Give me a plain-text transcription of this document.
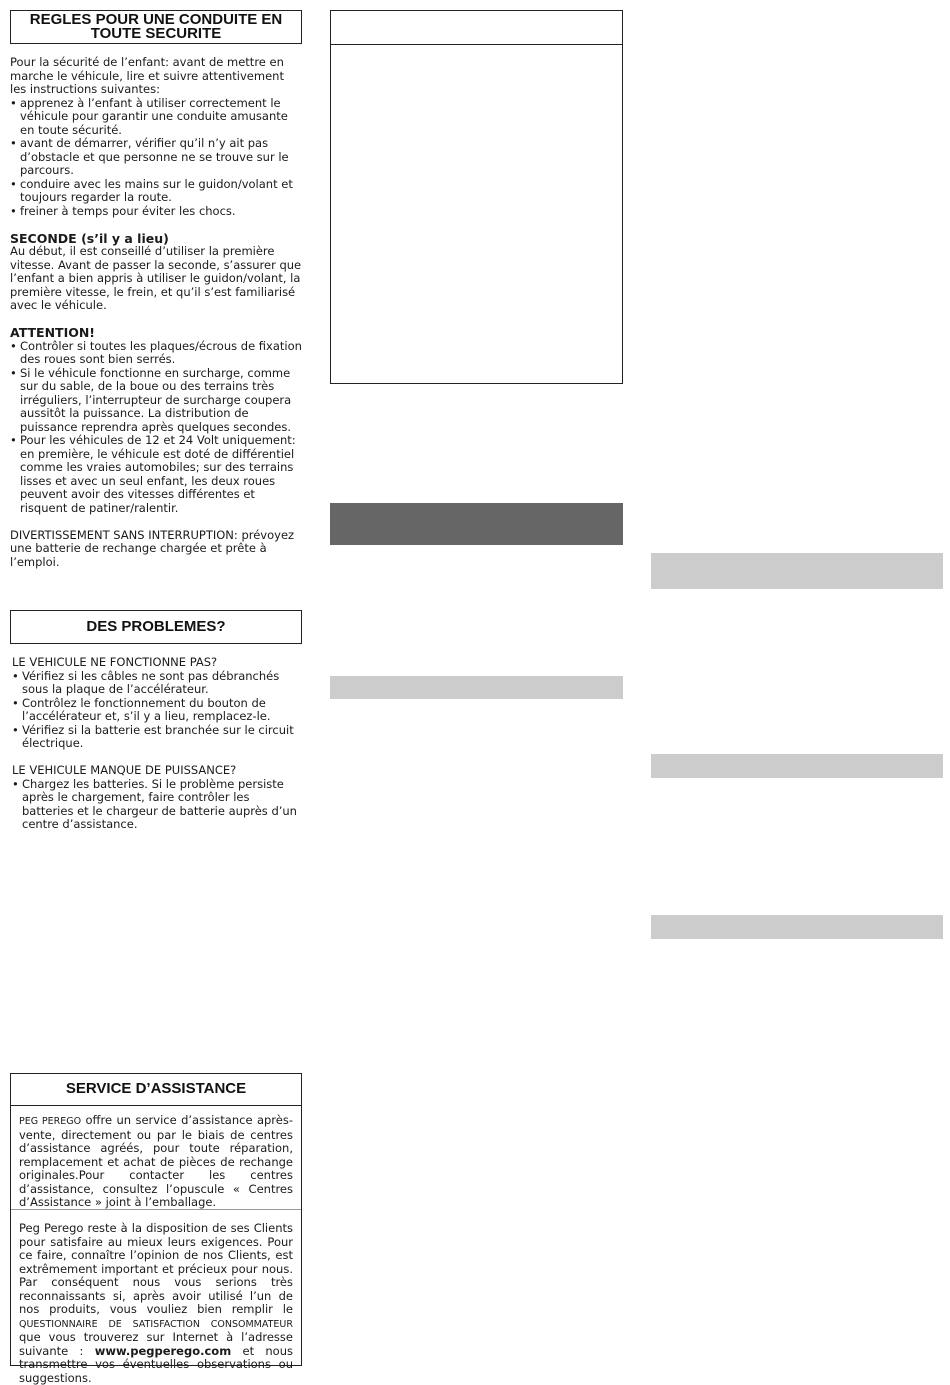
REGLES POUR UNE CONDUITE EN
TOUTE SECURITE

Pour la sécurité de l’enfant: avant de mettre en marche le véhicule, lire et suivre attentivement les instructions suivantes:

• apprenez à l’enfant à utiliser correctement le véhicule pour garantir une conduite amusante en toute sécurité.
• avant de démarrer, vérifier qu’il n’y ait pas d’obstacle et que personne ne se trouve sur le parcours.
• conduire avec les mains sur le guidon/volant et toujours regarder la route.
• freiner à temps pour éviter les chocs.

SECONDE (s’il y a lieu)

Au début, il est conseillé d’utiliser la première vitesse. Avant de passer la seconde, s’assurer que l’enfant a bien appris à utiliser le guidon/volant, la première vitesse, le frein, et qu’il s’est familiarisé avec le véhicule.

ATTENTION!

• Contrôler si toutes les plaques/écrous de fixation des roues sont bien serrés.
• Si le véhicule fonctionne en surcharge, comme sur du sable, de la boue ou des terrains très irréguliers, l’interrupteur de surcharge coupera aussitôt la puissance. La distribution de puissance reprendra après quelques secondes.
• Pour les véhicules de 12 et 24 Volt uniquement: en première, le véhicule est doté de différentiel comme les vraies automobiles; sur des terrains lisses et avec un seul enfant, les deux roues peuvent avoir des vitesses différentes et risquent de patiner/ralentir.

DIVERTISSEMENT SANS INTERRUPTION: prévoyez une batterie de rechange chargée et prête à l’emploi.

DES PROBLEMES?

LE VEHICULE NE FONCTIONNE PAS?

• Vérifiez si les câbles ne sont pas débranchés sous la plaque de l’accélérateur.
• Contrôlez le fonctionnement du bouton de l’accélérateur et, s’il y a lieu, remplacez-le.
• Vérifiez si la batterie est branchée sur le circuit électrique.

LE VEHICULE MANQUE DE PUISSANCE?

• Chargez les batteries. Si le problème persiste après le chargement, faire contrôler les batteries et le chargeur de batterie auprès d’un centre d’assistance.
SERVICE D’ASSISTANCE
PEG PEREGO offre un service d’assistance après-vente, directement ou par le biais de centres d’assistance agréés, pour toute réparation, remplacement et achat de pièces de rechange originales.Pour contacter les centres d’assistance, consultez l’opuscule « Centres d’Assistance » joint à l’emballage.
Peg Perego reste à la disposition de ses Clients pour satisfaire au mieux leurs exigences. Pour ce faire, connaître l’opinion de nos Clients, est extrêmement important et précieux pour nous. Par conséquent nous vous serions très reconnaissants si, après avoir utilisé l’un de nos produits, vous vouliez bien remplir le QUESTIONNAIRE DE SATISFACTION CONSOMMATEUR que vous trouverez sur Internet à l’adresse suivante : www.pegperego.com et nous transmettre vos éventuelles observations ou suggestions.
